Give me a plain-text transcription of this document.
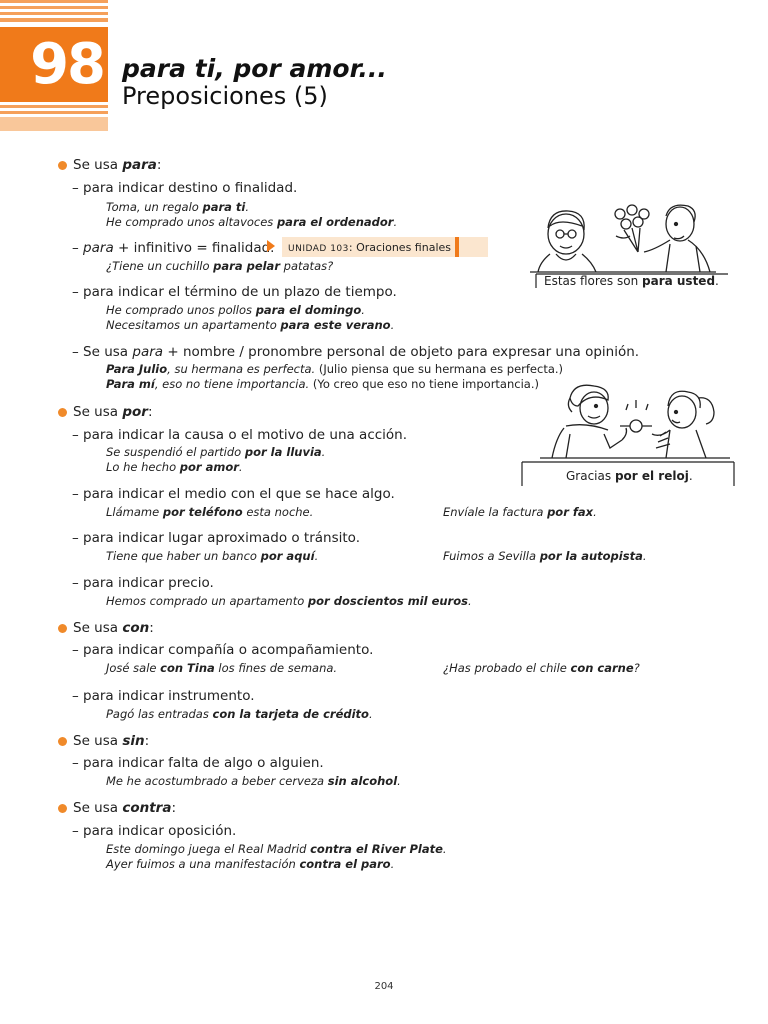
98 para ti, por amor...
Preposiciones (5)
Se usa para:
– para indicar destino o finalidad.
Toma, un regalo para ti.
He comprado unos altavoces para el ordenador.
– para + infinitivo = finalidad. UNIDAD 103: Oraciones finales
¿Tiene un cuchillo para pelar patatas?
– para indicar el término de un plazo de tiempo.
He comprado unos pollos para el domingo.
Necesitamos un apartamento para este verano.
– Se usa para + nombre / pronombre personal de objeto para expresar una opinión.
Para Julio, su hermana es perfecta. (Julio piensa que su hermana es perfecta.)
Para mí, eso no tiene importancia. (Yo creo que eso no tiene importancia.)
Estas flores son para usted.
Se usa por:
– para indicar la causa o el motivo de una acción.
Se suspendió el partido por la lluvia.
Lo he hecho por amor.
– para indicar el medio con el que se hace algo.
Llámame por teléfono esta noche.	Envíale la factura por fax.
– para indicar lugar aproximado o tránsito.
Tiene que haber un banco por aquí.	Fuimos a Sevilla por la autopista.
– para indicar precio.
Hemos comprado un apartamento por doscientos mil euros.
Gracias por el reloj.
Se usa con:
– para indicar compañía o acompañamiento.
José sale con Tina los fines de semana.	¿Has probado el chile con carne?
– para indicar instrumento.
Pagó las entradas con la tarjeta de crédito.
Se usa sin:
– para indicar falta de algo o alguien.
Me he acostumbrado a beber cerveza sin alcohol.
Se usa contra:
– para indicar oposición.
Este domingo juega el Real Madrid contra el River Plate.
Ayer fuimos a una manifestación contra el paro.
204
